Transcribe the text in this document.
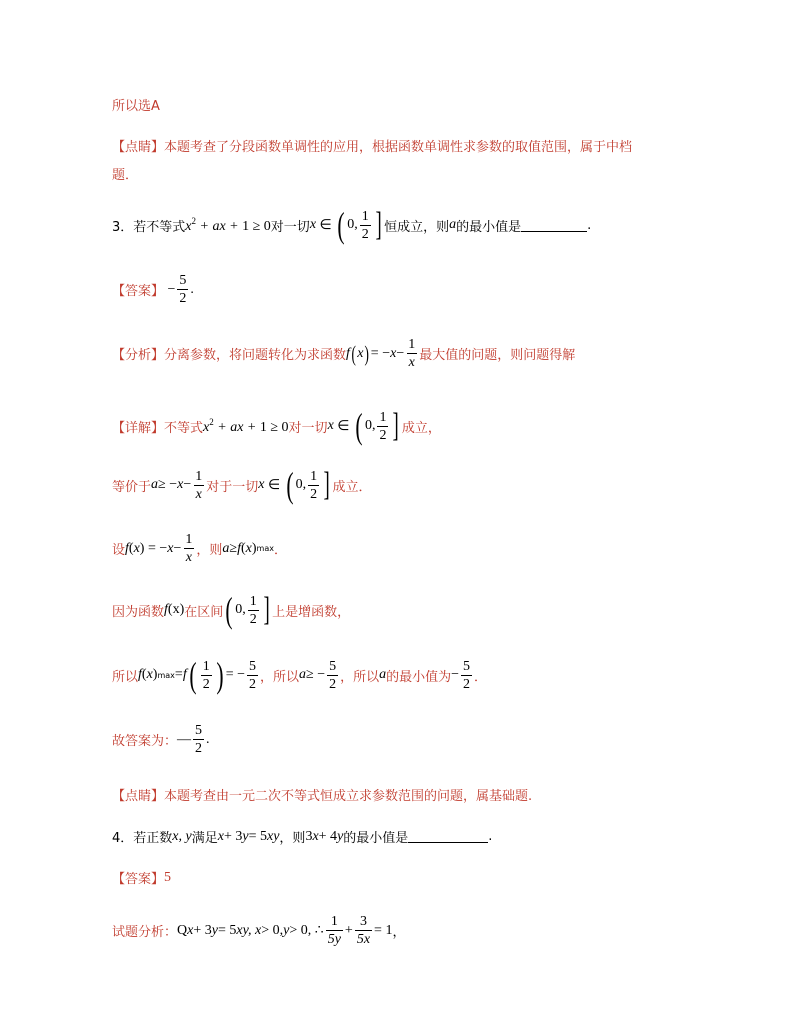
所以选A
【点睛】 本题考查了分段函数单调性的应用，根据函数单调性求参数的取值范围，属于中档
题．
3．若不等式 $x^2$ + ax + 1 ≥ 0 对一切 x ∈ ( 0, $\frac{1}{2}$ ] 恒成立，则 a 的最小值是	.
【答案】 − $\frac{5}{2}$ .
【分析】 分离参数，将问题转化为求函数 f ( x ) = − $x - \frac{1}{x}$ 最大值的问题，则问题得解
【详解】 不等式 $x^2$ + ax + 1 ≥ 0 对一切 x ∈ ( 0, $\frac{1}{2}$ ] 成立，
等价于 a ≥ − $x - \frac{1}{x}$ 对于一切 x ∈ ( 0, $\frac{1}{2}$ ] 成立．
设 f ( x ) = − $x - \frac{1}{x}$ ，则 a ≥ f ( x ) max ．
因为函数 f (x) 在区间 ( 0, $\frac{1}{2}$ ] 上是增函数，
所以 f ( x ) max = f ( $\frac{1}{2}$ ) = − $\frac{5}{2}$ ，所以 a ≥ − $\frac{5}{2}$ ，所以 a 的最小值为 − $\frac{5}{2}$ ．
故答案为： — $\frac{5}{2}$ .
【点睛】 本题考查由一元二次不等式恒成立求参数范围的问题，属基础题.
4．若正数 x, y 满足 x + 3 y = 5 xy ，则 3 x + 4 y 的最小值是	.
【答案】 5
试题分析： Q x + 3 y = 5 xy, x > 0, y > 0, ∴ $\frac{1}{5y} + \frac{3}{5x} = 1$ ，
